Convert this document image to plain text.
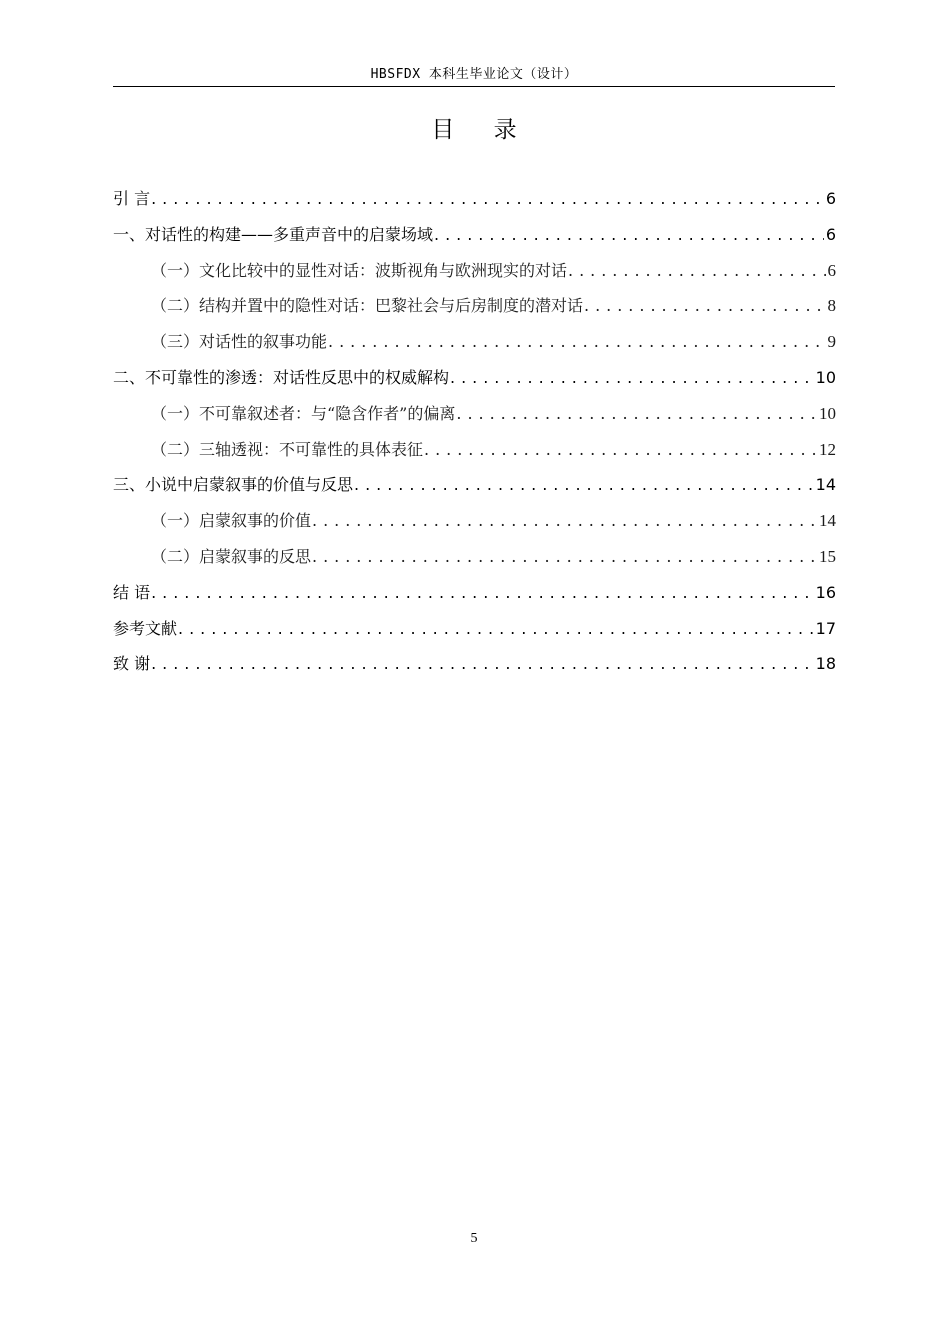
HBSFDX 本科生毕业论文（设计）
目 录
引 言 . . .	6
一、对话性的构建——多重声音中的启蒙场域 . . .	6
（一）文化比较中的显性对话：波斯视角与欧洲现实的对话 . . .	6
（二）结构并置中的隐性对话：巴黎社会与后房制度的潜对话 . . .	8
（三）对话性的叙事功能 . . .	9
二、不可靠性的渗透：对话性反思中的权威解构 . . .	10
（一）不可靠叙述者：与“隐含作者”的偏离 . . .	10
（二）三轴透视：不可靠性的具体表征 . . .	12
三、小说中启蒙叙事的价值与反思 . . .	14
（一）启蒙叙事的价值 . . .	14
（二）启蒙叙事的反思 . . .	15
结 语 . . .	16
参考文献 . . .	17
致 谢 . . .	18
5
